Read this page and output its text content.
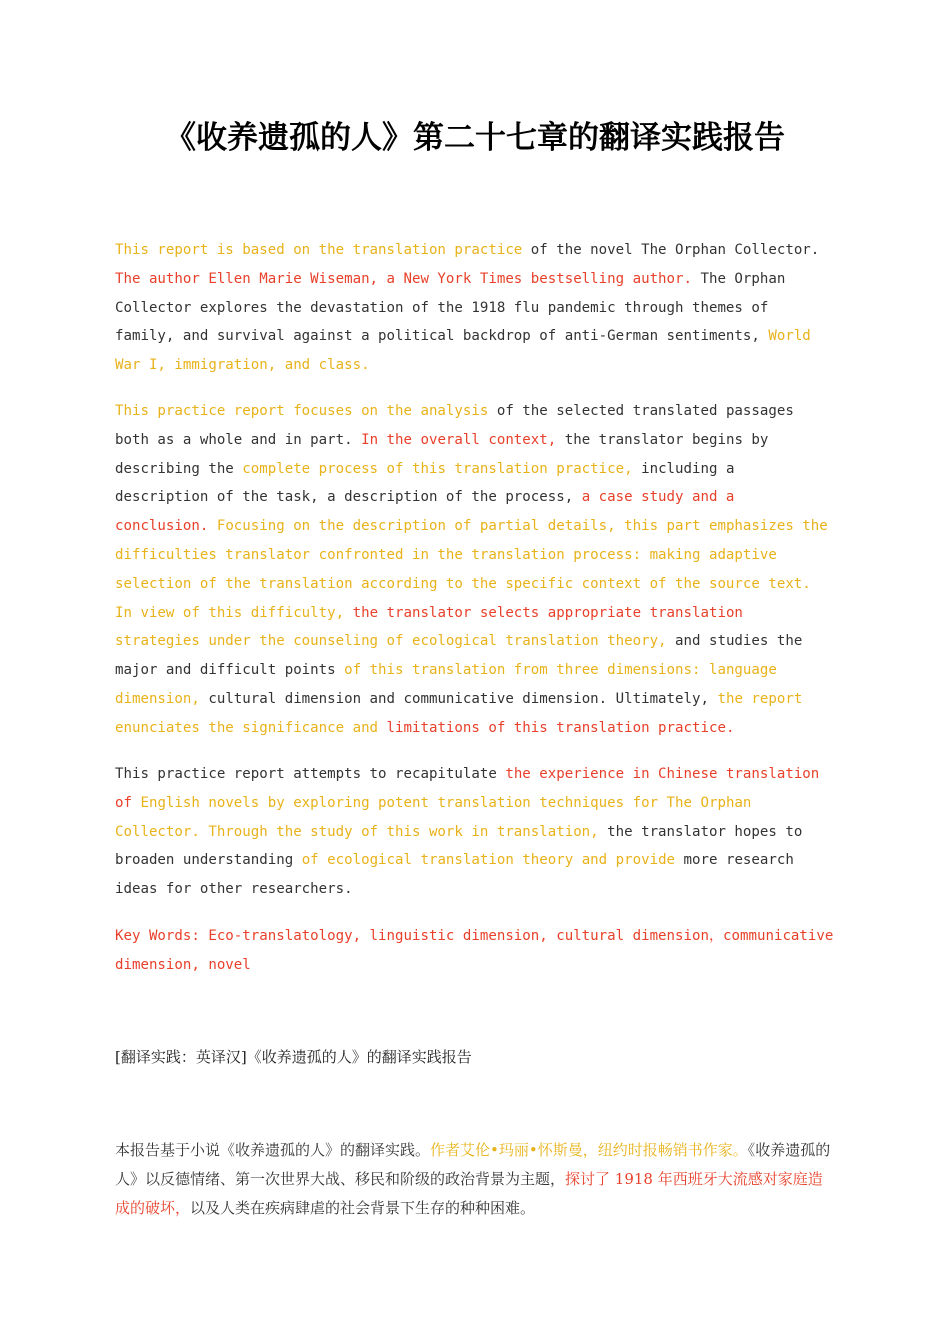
《收养遗孤的人》第二十七章的翻译实践报告

This report is based on the translation practice of the novel The Orphan Collector. The author Ellen Marie Wiseman, a New York Times bestselling author. The Orphan Collector explores the devastation of the 1918 flu pandemic through themes of family, and survival against a political backdrop of anti-German sentiments, World War I, immigration, and class.

This practice report focuses on the analysis of the selected translated passages both as a whole and in part. In the overall context, the translator begins by describing the complete process of this translation practice, including a description of the task, a description of the process, a case study and a conclusion. Focusing on the description of partial details, this part emphasizes the difficulties translator confronted in the translation process: making adaptive selection of the translation according to the specific context of the source text. In view of this difficulty, the translator selects appropriate translation strategies under the counseling of ecological translation theory, and studies the major and difficult points of this translation from three dimensions: language dimension, cultural dimension and communicative dimension. Ultimately, the report enunciates the significance and limitations of this translation practice.

This practice report attempts to recapitulate the experience in Chinese translation of English novels by exploring potent translation techniques for The Orphan Collector. Through the study of this work in translation, the translator hopes to broaden understanding of ecological translation theory and provide more research ideas for other researchers.

Key Words: Eco-translatology, linguistic dimension, cultural dimension，communicative dimension, novel

[翻译实践：英译汉]《收养遗孤的人》的翻译实践报告

本报告基于小说《收养遗孤的人》的翻译实践。作者艾伦•玛丽•怀斯曼，纽约时报畅销书作家。《收养遗孤的人》以反德情绪、第一次世界大战、移民和阶级的政治背景为主题，探讨了 1918 年西班牙大流感对家庭造成的破坏，以及人类在疾病肆虐的社会背景下生存的种种困难。
